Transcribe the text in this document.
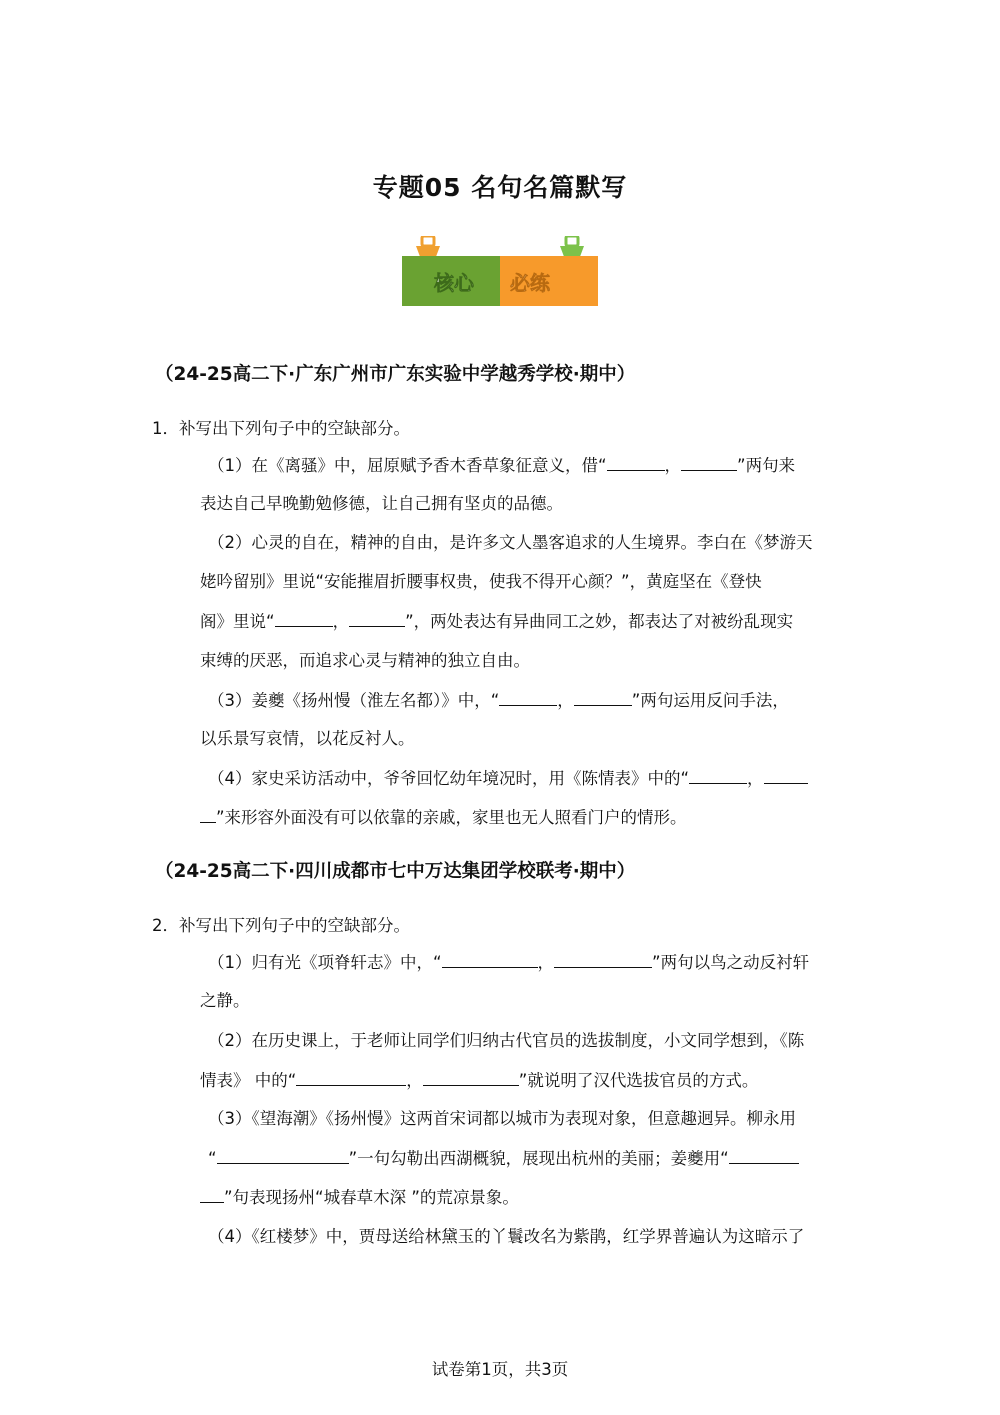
专题05 名句名篇默写
核心 必练

（24-25高二下·广东广州市广东实验中学越秀学校·期中）

1．补写出下列句子中的空缺部分。

（1）在《离骚》中，屈原赋予香木香草象征意义，借“	，	”两句来

表达自己早晚勤勉修德，让自己拥有坚贞的品德。

（2）心灵的自在，精神的自由，是许多文人墨客追求的人生境界。李白在《梦游天

姥吟留别》里说“安能摧眉折腰事权贵，使我不得开心颜？”，黄庭坚在《登快

阁》里说“	，	”，两处表达有异曲同工之妙，都表达了对被纷乱现实

束缚的厌恶，而追求心灵与精神的独立自由。

（3）姜夔《扬州慢（淮左名都）》中，“	，	”两句运用反问手法，

以乐景写哀情，以花反衬人。

（4）家史采访活动中，爷爷回忆幼年境况时，用《陈情表》中的“	，

”来形容外面没有可以依靠的亲戚，家里也无人照看门户的情形。

（24-25高二下·四川成都市七中万达集团学校联考·期中）

2．补写出下列句子中的空缺部分。

（1）归有光《项脊轩志》中，“	，	”两句以鸟之动反衬轩

之静。

（2）在历史课上，于老师让同学们归纳古代官员的选拔制度，小文同学想到，《陈

情表》 中的“	，	”就说明了汉代选拔官员的方式。

（3）《望海潮》《扬州慢》这两首宋词都以城市为表现对象，但意趣迥异。柳永用

“	”一句勾勒出西湖概貌，展现出杭州的美丽；姜夔用“

”句表现扬州“城春草木深 ”的荒凉景象。

（4）《红楼梦》中，贾母送给林黛玉的丫鬟改名为紫鹃，红学界普遍认为这暗示了

试卷第1页，共3页
